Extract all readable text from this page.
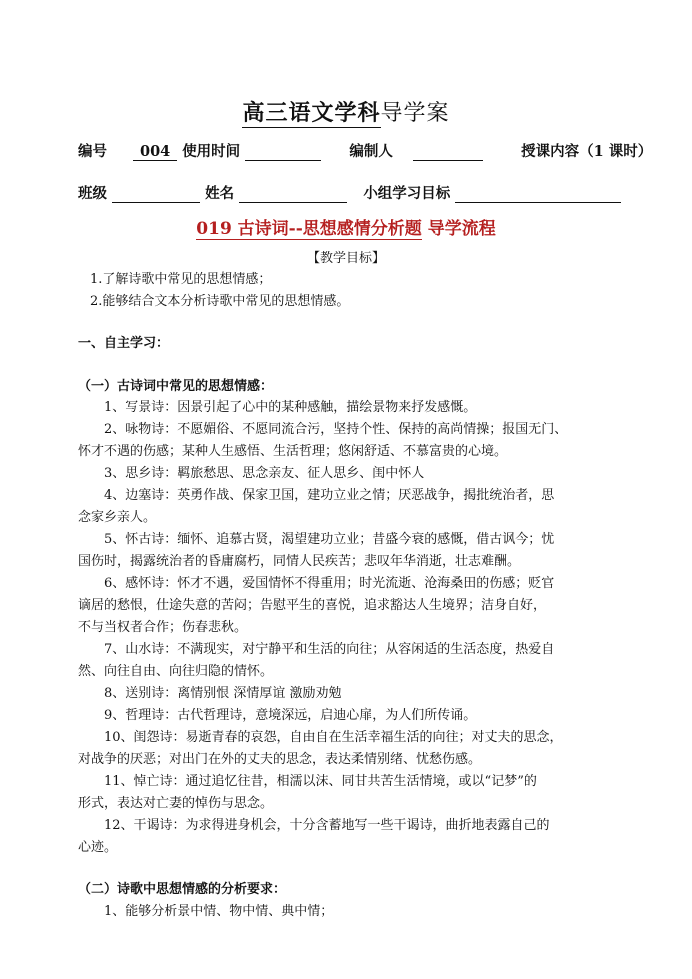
高三语文学科导学案
编号 004 使用时间	编制人	授课内容（1 课时）
班级	姓名	小组学习目标
019 古诗词--思想感情分析题 导学流程
【教学目标】
1.了解诗歌中常见的思想情感；
2.能够结合文本分析诗歌中常见的思想情感。
一、自主学习：
（一）古诗词中常见的思想情感：
1、写景诗：因景引起了心中的某种感触，描绘景物来抒发感慨。
2、咏物诗：不愿媚俗、不愿同流合污，坚持个性、保持的高尚情操；报国无门、
怀才不遇的伤感；某种人生感悟、生活哲理；悠闲舒适、不慕富贵的心境。
3、思乡诗：羁旅愁思、思念亲友、征人思乡、闺中怀人
4、边塞诗：英勇作战、保家卫国，建功立业之情；厌恶战争，揭批统治者，思
念家乡亲人。
5、怀古诗：缅怀、追慕古贤，渴望建功立业；昔盛今衰的感慨，借古讽今；忧
国伤时，揭露统治者的昏庸腐朽，同情人民疾苦；悲叹年华消逝，壮志难酬。
6、感怀诗：怀才不遇，爱国情怀不得重用；时光流逝、沧海桑田的伤感；贬官
谪居的愁恨，仕途失意的苦闷；告慰平生的喜悦，追求豁达人生境界；洁身自好，
不与当权者合作；伤春悲秋。
7、山水诗：不满现实，对宁静平和生活的向往；从容闲适的生活态度，热爱自
然、向往自由、向往归隐的情怀。
8、送别诗：离情别恨 深情厚谊 激励劝勉
9、哲理诗：古代哲理诗，意境深远，启迪心扉，为人们所传诵。
10、闺怨诗：易逝青春的哀怨，自由自在生活幸福生活的向往；对丈夫的思念，
对战争的厌恶；对出门在外的丈夫的思念，表达柔情别绪、忧愁伤感。
11、悼亡诗：通过追忆往昔，相濡以沫、同甘共苦生活情境，或以“记梦”的
形式，表达对亡妻的悼伤与思念。
12、干谒诗：为求得进身机会，十分含蓄地写一些干谒诗，曲折地表露自己的
心迹。
（二）诗歌中思想情感的分析要求：
1、能够分析景中情、物中情、典中情；
